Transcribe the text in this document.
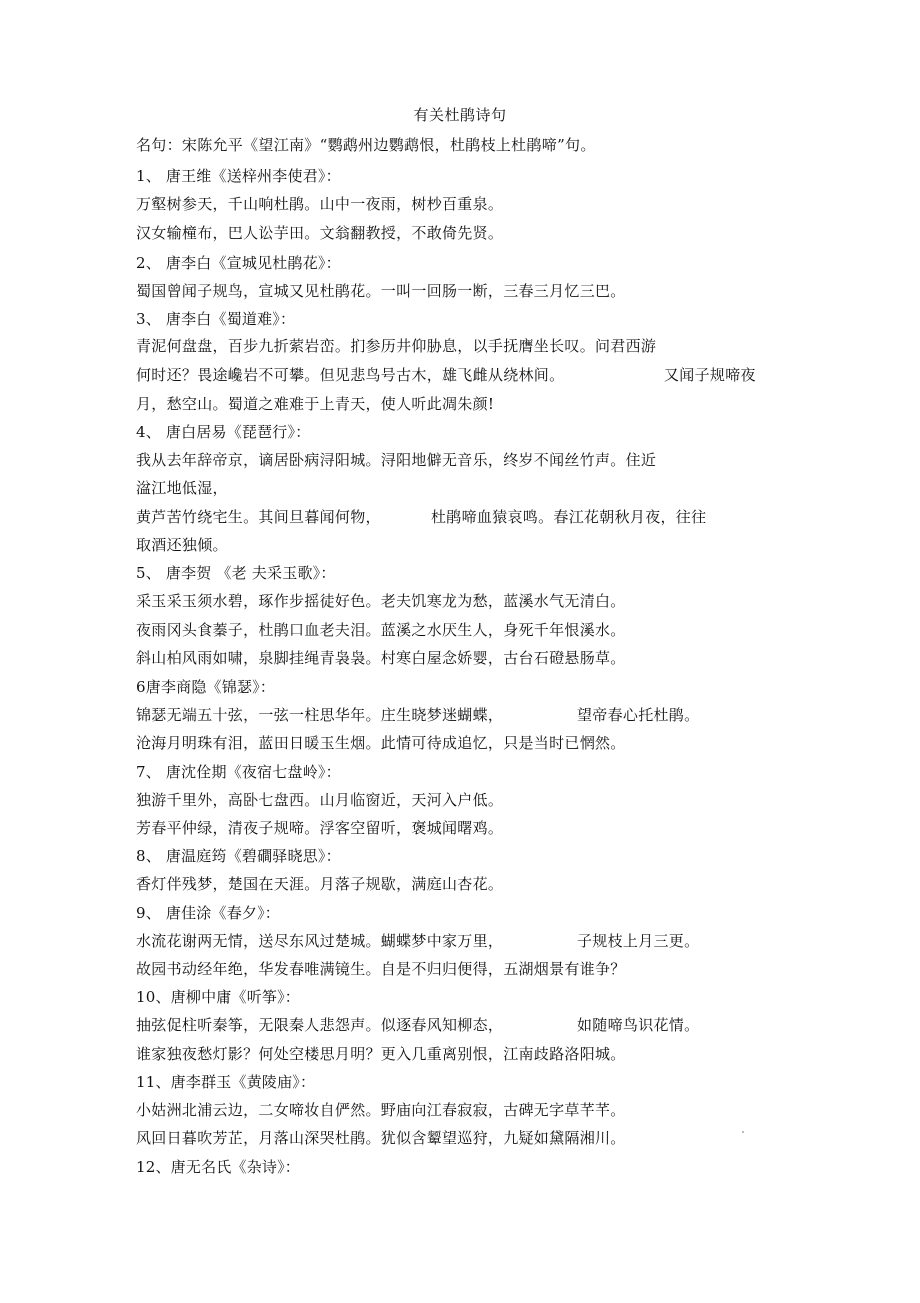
有关杜鹃诗句
名句：宋陈允平《望江南》“鹦鹉州边鹦鹉恨，杜鹃枝上杜鹃啼”句。
1、 唐王维《送梓州李使君》：
万壑树参天，千山响杜鹃。山中一夜雨，树杪百重泉。
汉女输橦布，巴人讼芋田。文翁翻教授，不敢倚先贤。
2、 唐李白《宣城见杜鹃花》：
蜀国曾闻子规鸟，宣城又见杜鹃花。一叫一回肠一断，三春三月忆三巴。
3、 唐李白《蜀道难》：
青泥何盘盘，百步九折萦岩峦。扪参历井仰胁息，以手抚膺坐长叹。问君西游
何时还？畏途巉岩不可攀。但见悲鸟号古木，雄飞雌从绕林间。	又闻子规啼夜
月，愁空山。蜀道之难难于上青天，使人听此凋朱颜!
4、 唐白居易《琵琶行》：
我从去年辞帝京，谪居卧病浔阳城。浔阳地僻无音乐，终岁不闻丝竹声。住近
湓江地低湿，
黄芦苦竹绕宅生。其间旦暮闻何物，	杜鹃啼血猿哀鸣。春江花朝秋月夜，往往
取酒还独倾。
5、 唐李贺 《老 夫采玉歌》：
采玉采玉须水碧，琢作步摇徒好色。老夫饥寒龙为愁，蓝溪水气无清白。
夜雨冈头食蓁子，杜鹃口血老夫泪。蓝溪之水厌生人，身死千年恨溪水。
斜山柏风雨如啸，泉脚挂绳青袅袅。村寒白屋念娇婴，古台石磴悬肠草。
6唐李商隐《锦瑟》：
锦瑟无端五十弦，一弦一柱思华年。庄生晓梦迷蝴蝶，	望帝春心托杜鹃。
沧海月明珠有泪，蓝田日暖玉生烟。此情可待成追忆，只是当时已惘然。
7、 唐沈佺期《夜宿七盘岭》：
独游千里外，高卧七盘西。山月临窗近，天河入户低。
芳春平仲绿，清夜子规啼。浮客空留听，褒城闻曙鸡。
8、 唐温庭筠《碧磵驿晓思》：
香灯伴残梦，楚国在天涯。月落子规歇，满庭山杏花。
9、 唐佳涂《春夕》：
水流花谢两无情，送尽东风过楚城。蝴蝶梦中家万里，	子规枝上月三更。
故园书动经年绝，华发春唯满镜生。自是不归归便得，五湖烟景有谁争？
10、唐柳中庸《听筝》：
抽弦促柱听秦筝，无限秦人悲怨声。似逐春风知柳态，	如随啼鸟识花情。
谁家独夜愁灯影？何处空楼思月明？更入几重离别恨，江南歧路洛阳城。
11、唐李群玉《黄陵庙》：
小姑洲北浦云边，二女啼妆自俨然。野庙向江春寂寂，古碑无字草芊芊。
风回日暮吹芳芷，月落山深哭杜鹃。犹似含颦望巡狩，九疑如黛隔湘川。
12、唐无名氏《杂诗》：
